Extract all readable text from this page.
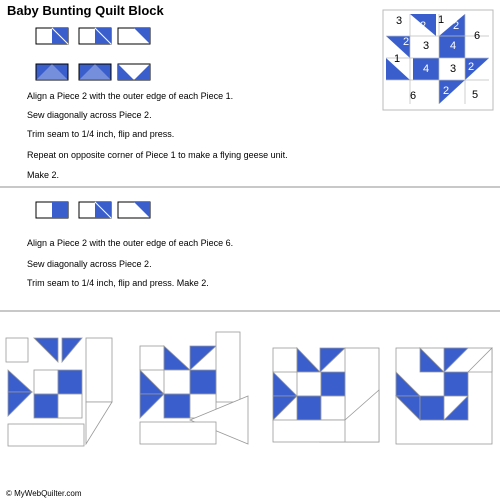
Baby Bunting Quilt Block
3 2 1 2
6
2 3 4
1
2 4 3 2
6 2 5
Align a Piece 2 with the outer edge of each Piece 1.
Sew diagonally across Piece 2.
Trim seam to 1/4 inch, flip and press.
Repeat on opposite corner of Piece 1 to make a flying geese unit.
Make 2.
Align a Piece 2 with the outer edge of each Piece 6.
Sew diagonally across Piece 2.
Trim seam to 1/4 inch, flip and press. Make 2.
© MyWebQuilter.com
